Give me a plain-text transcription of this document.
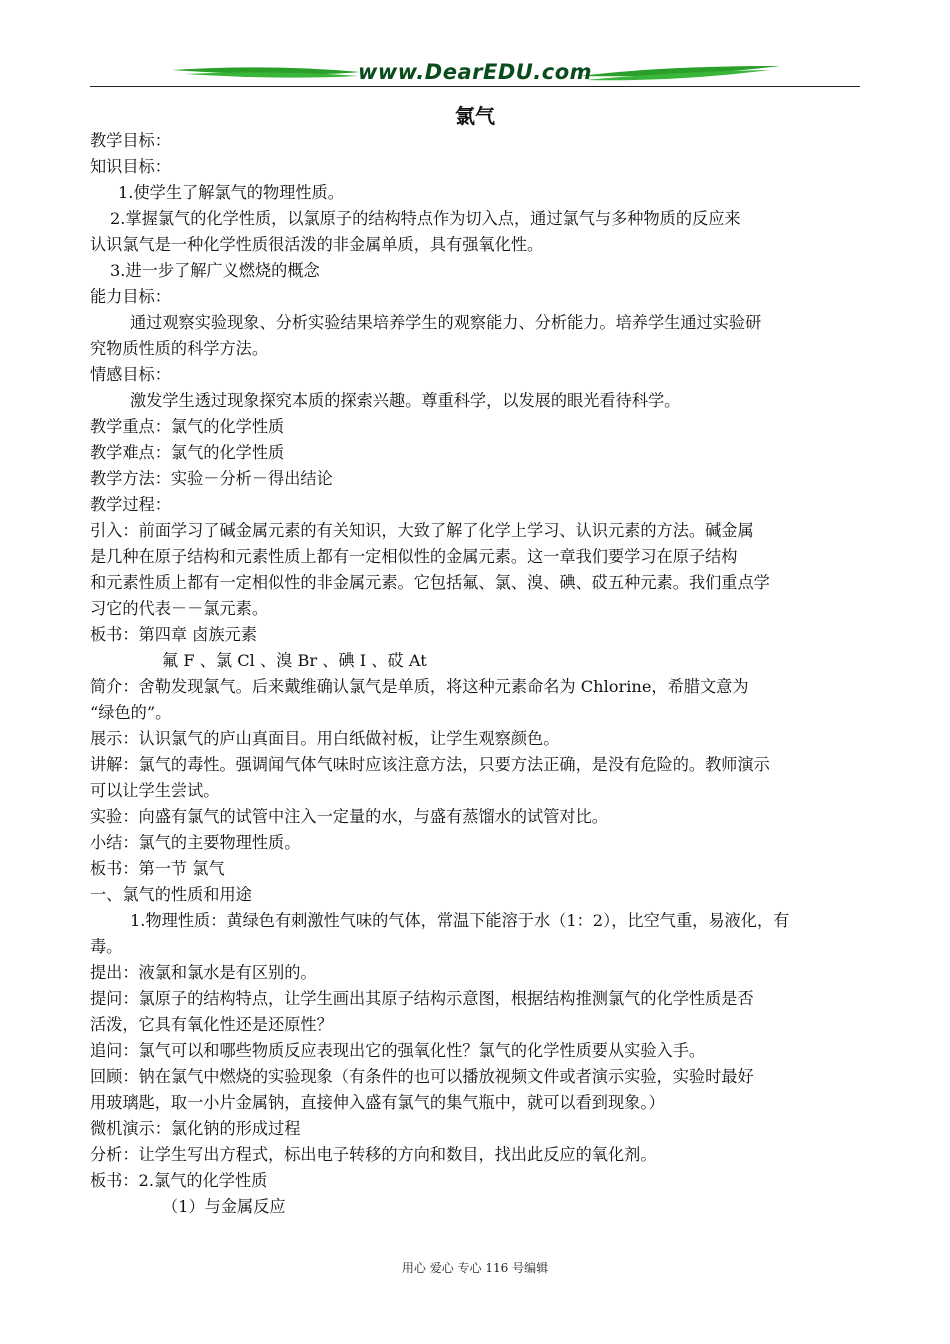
www.DearEDU.com
氯气
教学目标：
知识目标：
1.使学生了解氯气的物理性质。
2.掌握氯气的化学性质，以氯原子的结构特点作为切入点，通过氯气与多种物质的反应来
认识氯气是一种化学性质很活泼的非金属单质，具有强氧化性。
3.进一步了解广义燃烧的概念
能力目标：
通过观察实验现象、分析实验结果培养学生的观察能力、分析能力。培养学生通过实验研
究物质性质的科学方法。
情感目标：
激发学生透过现象探究本质的探索兴趣。尊重科学，以发展的眼光看待科学。
教学重点：氯气的化学性质
教学难点：氯气的化学性质
教学方法：实验－分析－得出结论
教学过程：
引入：前面学习了碱金属元素的有关知识，大致了解了化学上学习、认识元素的方法。碱金属
是几种在原子结构和元素性质上都有一定相似性的金属元素。这一章我们要学习在原子结构
和元素性质上都有一定相似性的非金属元素。它包括氟、氯、溴、碘、砹五种元素。我们重点学
习它的代表－－氯元素。
板书：第四章 卤族元素
氟 F 、氯 Cl 、溴 Br 、碘 I 、砹 At
简介：舍勒发现氯气。后来戴维确认氯气是单质，将这种元素命名为 Chlorine，希腊文意为
“绿色的”。
展示：认识氯气的庐山真面目。用白纸做衬板，让学生观察颜色。
讲解：氯气的毒性。强调闻气体气味时应该注意方法，只要方法正确，是没有危险的。教师演示
可以让学生尝试。
实验：向盛有氯气的试管中注入一定量的水，与盛有蒸馏水的试管对比。
小结：氯气的主要物理性质。
板书：第一节 氯气
一、氯气的性质和用途
1.物理性质：黄绿色有刺激性气味的气体，常温下能溶于水（1：2），比空气重，易液化，有
毒。
提出：液氯和氯水是有区别的。
提问：氯原子的结构特点，让学生画出其原子结构示意图，根据结构推测氯气的化学性质是否
活泼，它具有氧化性还是还原性？
追问：氯气可以和哪些物质反应表现出它的强氧化性？氯气的化学性质要从实验入手。
回顾：钠在氯气中燃烧的实验现象（有条件的也可以播放视频文件或者演示实验，实验时最好
用玻璃匙，取一小片金属钠，直接伸入盛有氯气的集气瓶中，就可以看到现象。）
微机演示：氯化钠的形成过程
分析：让学生写出方程式，标出电子转移的方向和数目，找出此反应的氧化剂。
板书：2.氯气的化学性质
（1）与金属反应
用心 爱心 专心 116 号编辑
